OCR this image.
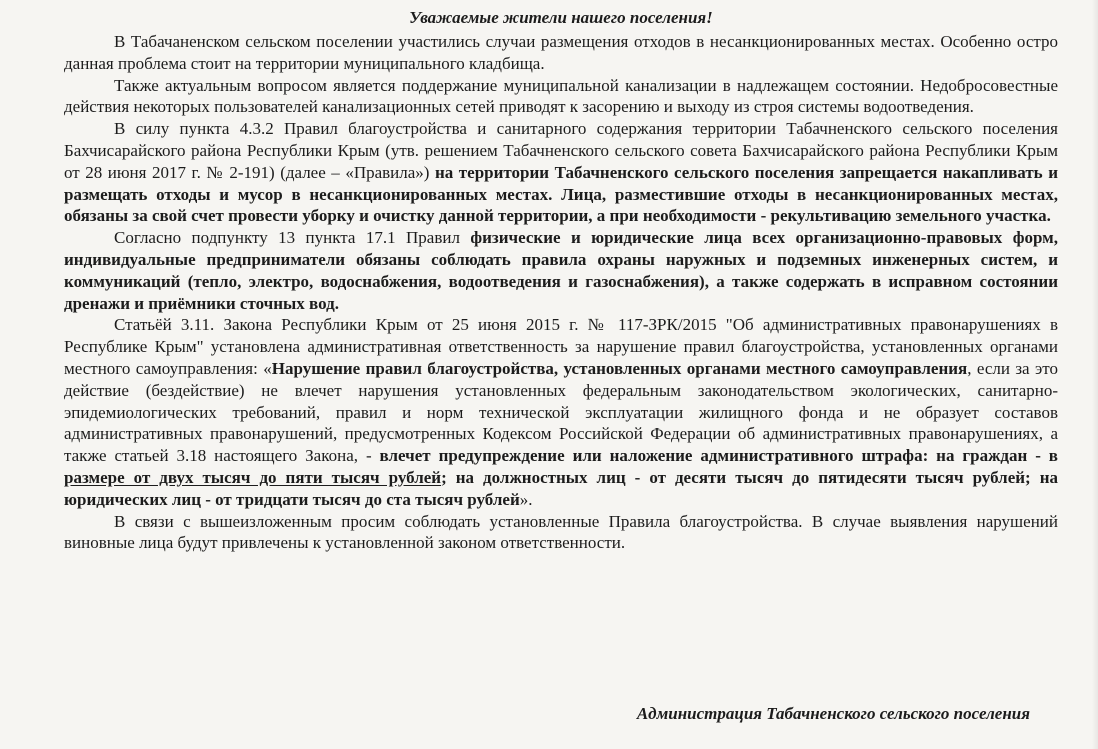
Уважаемые жители нашего поселения!

В Табачаненском сельском поселении участились случаи размещения отходов в несанкционированных местах. Особенно остро данная проблема стоит на территории муниципального кладбища.

Также актуальным вопросом является поддержание муниципальной канализации в надлежащем состоянии. Недобросовестные действия некоторых пользователей канализационных сетей приводят к засорению и выходу из строя системы водоотведения.

В силу пункта 4.3.2 Правил благоустройства и санитарного содержания территории Табачненского сельского поселения Бахчисарайского района Республики Крым (утв. решением Табачненского сельского совета Бахчисарайского района Республики Крым от 28 июня 2017 г. № 2-191) (далее – «Правила») на территории Табачненского сельского поселения запрещается накапливать и размещать отходы и мусор в несанкционированных местах. Лица, разместившие отходы в несанкционированных местах, обязаны за свой счет провести уборку и очистку данной территории, а при необходимости - рекультивацию земельного участка.

Согласно подпункту 13 пункта 17.1 Правил физические и юридические лица всех организационно-правовых форм, индивидуальные предприниматели обязаны соблюдать правила охраны наружных и подземных инженерных систем, и коммуникаций (тепло, электро, водоснабжения, водоотведения и газоснабжения), а также содержать в исправном состоянии дренажи и приёмники сточных вод.

Статьёй 3.11. Закона Республики Крым от 25 июня 2015 г. № 117-ЗРК/2015 "Об административных правонарушениях в Республике Крым" установлена административная ответственность за нарушение правил благоустройства, установленных органами местного самоуправления: «Нарушение правил благоустройства, установленных органами местного самоуправления, если за это действие (бездействие) не влечет нарушения установленных федеральным законодательством экологических, санитарно-эпидемиологических требований, правил и норм технической эксплуатации жилищного фонда и не образует составов административных правонарушений, предусмотренных Кодексом Российской Федерации об административных правонарушениях, а также статьей 3.18 настоящего Закона, - влечет предупреждение или наложение административного штрафа: на граждан - в размере от двух тысяч до пяти тысяч рублей; на должностных лиц - от десяти тысяч до пятидесяти тысяч рублей; на юридических лиц - от тридцати тысяч до ста тысяч рублей».

В связи с вышеизложенным просим соблюдать установленные Правила благоустройства. В случае выявления нарушений виновные лица будут привлечены к установленной законом ответственности.

Администрация Табачненского сельского поселения
